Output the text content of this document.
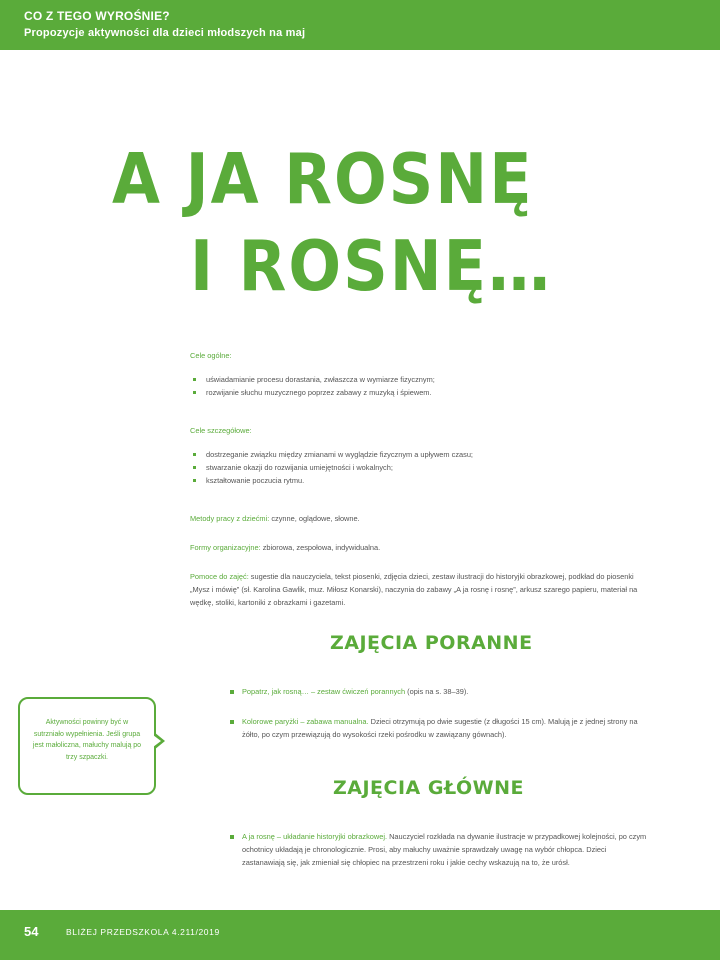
CO Z TEGO WYROŚNIE?
Propozycje aktywności dla dzieci młodszych na maj
A JA ROSNĘ
I ROSNĘ…
Cele ogólne:
uświadamianie procesu dorastania, zwłaszcza w wymiarze fizycznym;
rozwijanie słuchu muzycznego poprzez zabawy z muzyką i śpiewem.
Cele szczegółowe:
dostrzeganie związku między zmianami w wyglądzie fizycznym a upływem czasu;
stwarzanie okazji do rozwijania umiejętności i wokalnych;
kształtowanie poczucia rytmu.
Metody pracy z dziećmi: czynne, oglądowe, słowne.
Formy organizacyjne: zbiorowa, zespołowa, indywidualna.
Pomoce do zajęć: sugestie dla nauczyciela, tekst piosenki, zdjęcia dzieci, zestaw ilustracji do historyjki obrazkowej, podkład do piosenki „Mysz i mówię” (sł. Karolina Gawlik, muz. Miłosz Konarski), naczynia do zabawy „A ja rosnę i rosnę”, arkusz szarego papieru, materiał na wędkę, stoliki, kartoniki z obrazkami i gazetami.
ZAJĘCIA PORANNE
Popatrz, jak rosną… – zestaw ćwiczeń porannych (opis na s. 38–39).
Kolorowe paryżki – zabawa manualna. Dzieci otrzymują po dwie sugestie (z długości 15 cm). Malują je z jednej strony na żółto, po czym przewiązują do wysokości rzeki pośrodku w zawiązany gównach).
ZAJĘCIA GŁÓWNE
A ja rosnę – układanie historyjki obrazkowej. Nauczyciel rozkłada na dywanie ilustracje w przypadkowej kolejności, po czym ochotnicy układają je chronologicznie. Prosi, aby małuchy uważnie sprawdzały uwagę na wybór chłopca. Dzieci zastanawiają się, jak zmieniał się chłopiec na przestrzeni roku i jakie cechy wskazują na to, że urósł.
Aktywności powinny być w sutrzniało wypełnienia. Jeśli grupa jest małoliczna, małuchy malują po trzy szpaczki.
54	BLIŻEJ PRZEDSZKOLA 4.211/2019
